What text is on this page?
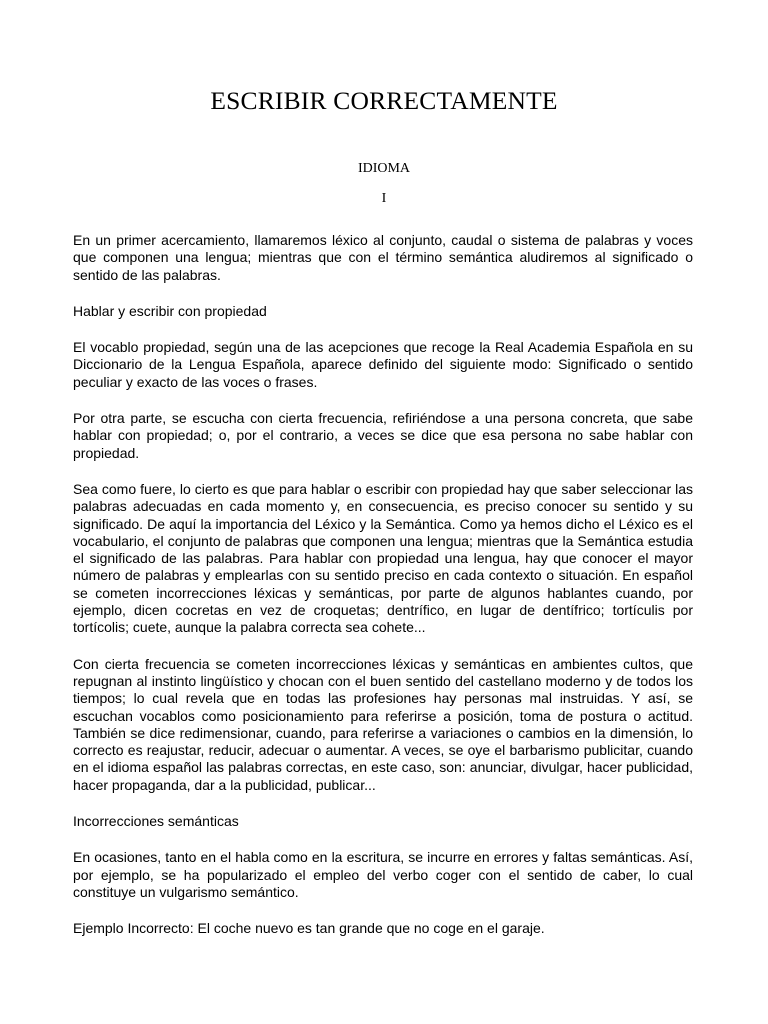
ESCRIBIR CORRECTAMENTE
IDIOMA
I

En un primer acercamiento, llamaremos léxico al conjunto, caudal o sistema de palabras y voces que componen una lengua; mientras que con el término semántica aludiremos al significado o sentido de las palabras.

Hablar y escribir con propiedad

El vocablo propiedad, según una de las acepciones que recoge la Real Academia Española en su Diccionario de la Lengua Española, aparece definido del siguiente modo: Significado o sentido peculiar y exacto de las voces o frases.

Por otra parte, se escucha con cierta frecuencia, refiriéndose a una persona concreta, que sabe hablar con propiedad; o, por el contrario, a veces se dice que esa persona no sabe hablar con propiedad.

Sea como fuere, lo cierto es que para hablar o escribir con propiedad hay que saber seleccionar las palabras adecuadas en cada momento y, en consecuencia, es preciso conocer su sentido y su significado. De aquí la importancia del Léxico y la Semántica. Como ya hemos dicho el Léxico es el vocabulario, el conjunto de palabras que componen una lengua; mientras que la Semántica estudia el significado de las palabras. Para hablar con propiedad una lengua, hay que conocer el mayor número de palabras y emplearlas con su sentido preciso en cada contexto o situación. En español se cometen incorrecciones léxicas y semánticas, por parte de algunos hablantes cuando, por ejemplo, dicen cocretas en vez de croquetas; dentrífico, en lugar de dentífrico; tortículis por tortícolis; cuete, aunque la palabra correcta sea cohete...

Con cierta frecuencia se cometen incorrecciones léxicas y semánticas en ambientes cultos, que repugnan al instinto lingüístico y chocan con el buen sentido del castellano moderno y de todos los tiempos; lo cual revela que en todas las profesiones hay personas mal instruidas. Y así, se escuchan vocablos como posicionamiento para referirse a posición, toma de postura o actitud. También se dice redimensionar, cuando, para referirse a variaciones o cambios en la dimensión, lo correcto es reajustar, reducir, adecuar o aumentar. A veces, se oye el barbarismo publicitar, cuando en el idioma español las palabras correctas, en este caso, son: anunciar, divulgar, hacer publicidad, hacer propaganda, dar a la publicidad, publicar...

Incorrecciones semánticas

En ocasiones, tanto en el habla como en la escritura, se incurre en errores y faltas semánticas. Así, por ejemplo, se ha popularizado el empleo del verbo coger con el sentido de caber, lo cual constituye un vulgarismo semántico.

Ejemplo Incorrecto: El coche nuevo es tan grande que no coge en el garaje.
